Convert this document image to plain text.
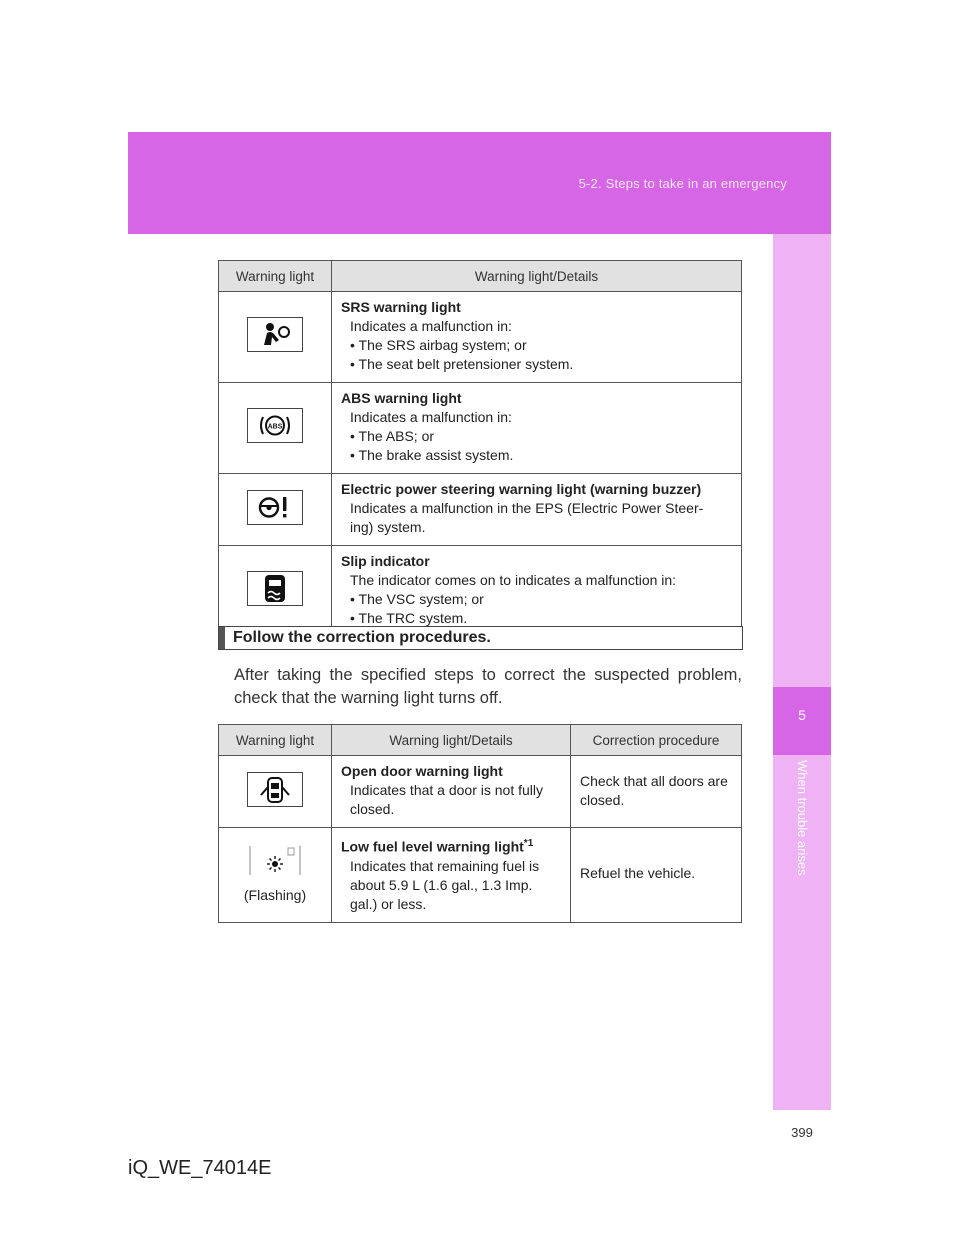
5-2. Steps to take in an emergency
5
When trouble arises
Warning light	Warning light/Details

SRS warning light
Indicates a malfunction in:
• The SRS airbag system; or
• The seat belt pretensioner system.

ABS	ABS warning light
Indicates a malfunction in:
• The ABS; or
• The brake assist system.

Electric power steering warning light (warning buzzer)
Indicates a malfunction in the EPS (Electric Power Steer-
ing) system.

Slip indicator
The indicator comes on to indicates a malfunction in:
• The VSC system; or
• The TRC system.
Follow the correction procedures.
After taking the specified steps to correct the suspected problem, check that the warning light turns off.
Warning light	Warning light/Details	Correction procedure

Open door warning light
Indicates that a door is not fully
closed.	Check that all doors are closed.

(Flashing)	Low fuel level warning light$^{*1}$
Indicates that remaining fuel is
about 5.9 L (1.6 gal., 1.3 Imp.
gal.) or less.	Refuel the vehicle.
399
iQ_WE_74014E
